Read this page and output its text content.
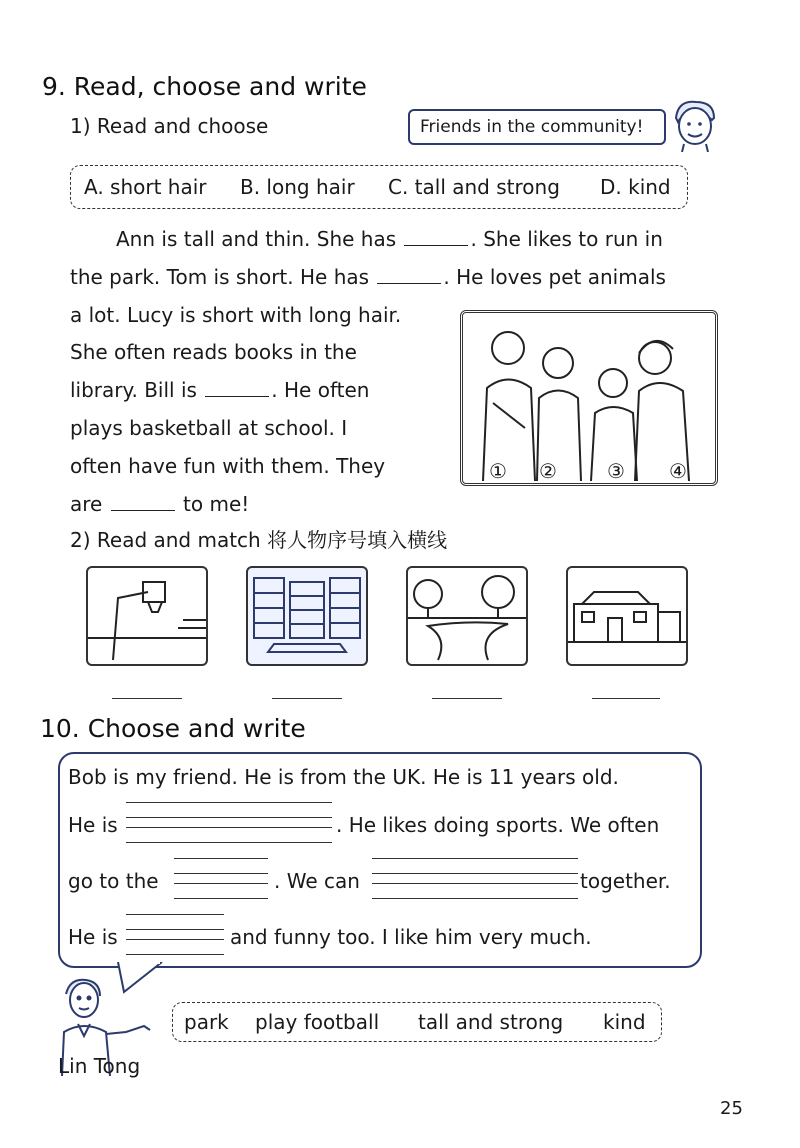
9. Read, choose and write
1) Read and choose	Friends in the community!
A. short hair B. long hair C. tall and strong D. kind
Ann is tall and thin. She has	. She likes to run in
the park. Tom is short. He has	. He loves pet animals
a lot. Lucy is short with long hair.
She often reads books in the
library. Bill is	. He often
plays basketball at school. I
often have fun with them. They
are	to me!
① ②	③ ④
2) Read and match 将人物序号填入横线
10. Choose and write
Bob is my friend. He is from the UK. He is 11 years old.
He is	. He likes doing sports. We often
go to the	. We can	together.
He is	and funny too. I like him very much.
Lin Tong
park play football tall and strong kind
25
